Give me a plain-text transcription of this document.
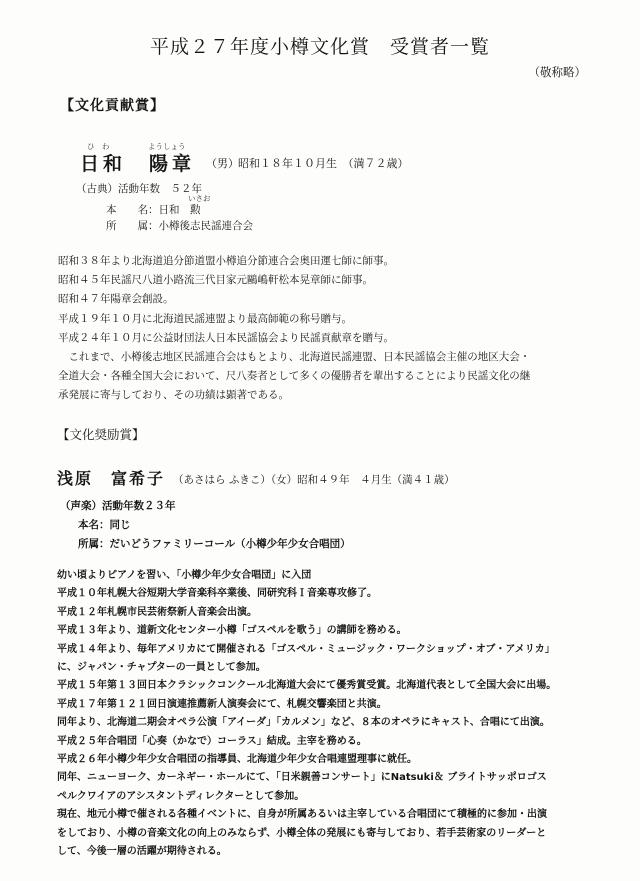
平成２７年度小樽文化賞　受賞者一覧
（敬称略）
【文化貢献賞】
ひ　わ	ようしょう
日和　陽章 （男） 昭和１８年１０月生　（満７２歳）
（古典）活動年数　５２年
本　　名：日和　勲
いさお
所　　属：小樽後志民謡連合会
昭和３８年より北海道追分節道盟小樽追分節連合会奥田運七師に師事。
昭和４５年民謡尺八道小路流三代目家元鷗嶋軒松本晃章師に師事。
昭和４７年陽章会創設。
平成１９年１０月に北海道民謡連盟より最高師範の称号贈与。
平成２４年１０月に公益財団法人日本民謡協会より民謡貢献章を贈与。
　これまで、小樽後志地区民謡連合会はもとより、北海道民謡連盟、日本民謡協会主催の地区大会・
全道大会・各種全国大会において、尺八奏者として多くの優勝者を輩出することにより民謡文化の継
承発展に寄与しており、その功績は顕著である。
【文化奨励賞】
浅原　富希子 （あさはら ふきこ）（女）昭和４９年　４月生（満４１歳）
（声楽）活動年数２３年
本名：同じ
所属：だいどうファミリーコール（小樽少年少女合唱団）
幼い頃よりピアノを習い、「小樽少年少女合唱団」に入団
平成１０年札幌大谷短期大学音楽科卒業後、同研究科Ｉ音楽専攻修了。
平成１２年札幌市民芸術祭新人音楽会出演。
平成１３年より、道新文化センター小樽「ゴスペルを歌う」の講師を務める。
平成１４年より、毎年アメリカにて開催される「ゴスペル・ミュージック・ワークショップ・オブ・アメリカ」
に、ジャパン・チャプターの一員として参加。
平成１５年第１３回日本クラシックコンクール北海道大会にて優秀賞受賞。北海道代表として全国大会に出場。
平成１７年第１２１回日演連推薦新人演奏会にて、札幌交響楽団と共演。
同年より、北海道二期会オペラ公演「アイーダ」「カルメン」など、８本のオペラにキャスト、合唱にて出演。
平成２５年合唱団「心奏（かなで）コーラス」結成。主宰を務める。
平成２６年小樽少年少女合唱団の指導員、北海道少年少女合唱連盟理事に就任。
同年、ニューヨーク、カーネギー・ホールにて、「日米親善コンサート」にNatsuki＆ ブライトサッポロゴス
ペルクワイアのアシスタントディレクターとして参加。
現在、地元小樽で催される各種イベントに、自身が所属あるいは主宰している合唱団にて積極的に参加・出演
をしており、小樽の音楽文化の向上のみならず、小樽全体の発展にも寄与しており、若手芸術家のリーダーと
して、今後一層の活躍が期待される。
